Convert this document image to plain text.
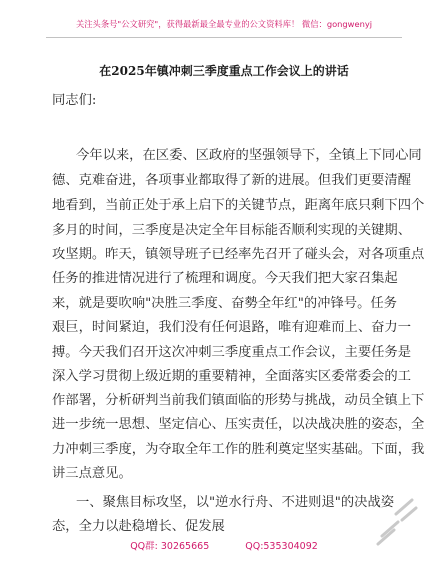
关注头条号"公文研究"，获得最新最全最专业的公文资料库！ 微信：gongwenyj
在2025年镇冲刺三季度重点工作会议上的讲话
同志们:
今年以来，在区委、区政府的坚强领导下，全镇上下同心同
德、克难奋进，各项事业都取得了新的进展。但我们更要清醒
地看到，当前正处于承上启下的关键节点，距离年底只剩下四个
多月的时间，三季度是决定全年目标能否顺利实现的关键期、
攻坚期。昨天，镇领导班子已经率先召开了碰头会，对各项重点
任务的推进情况进行了梳理和调度。今天我们把大家召集起
来，就是要吹响"决胜三季度、奋勢全年红"的冲锋号。任务
艰巨，时间紧迫，我们没有任何退路，唯有迎难而上、奋力一
搏。今天我们召开这次冲刺三季度重点工作会议，主要任务是
深入学习贯彻上级近期的重要精神，全面落实区委常委会的工
作部署，分析研判当前我们镇面临的形势与挑战，动员全镇上下
进一步统一思想、坚定信心、压实责任，以决战决胜的姿态，全
力冲刺三季度，为夺取全年工作的胜利奠定坚实基础。下面，我
讲三点意见。
一、聚焦目标攻坚，以"逆水行舟、不进则退"的决战姿
态，全力以赴稳增长、促发展
QQ群: 30265665	QQ:535304092
